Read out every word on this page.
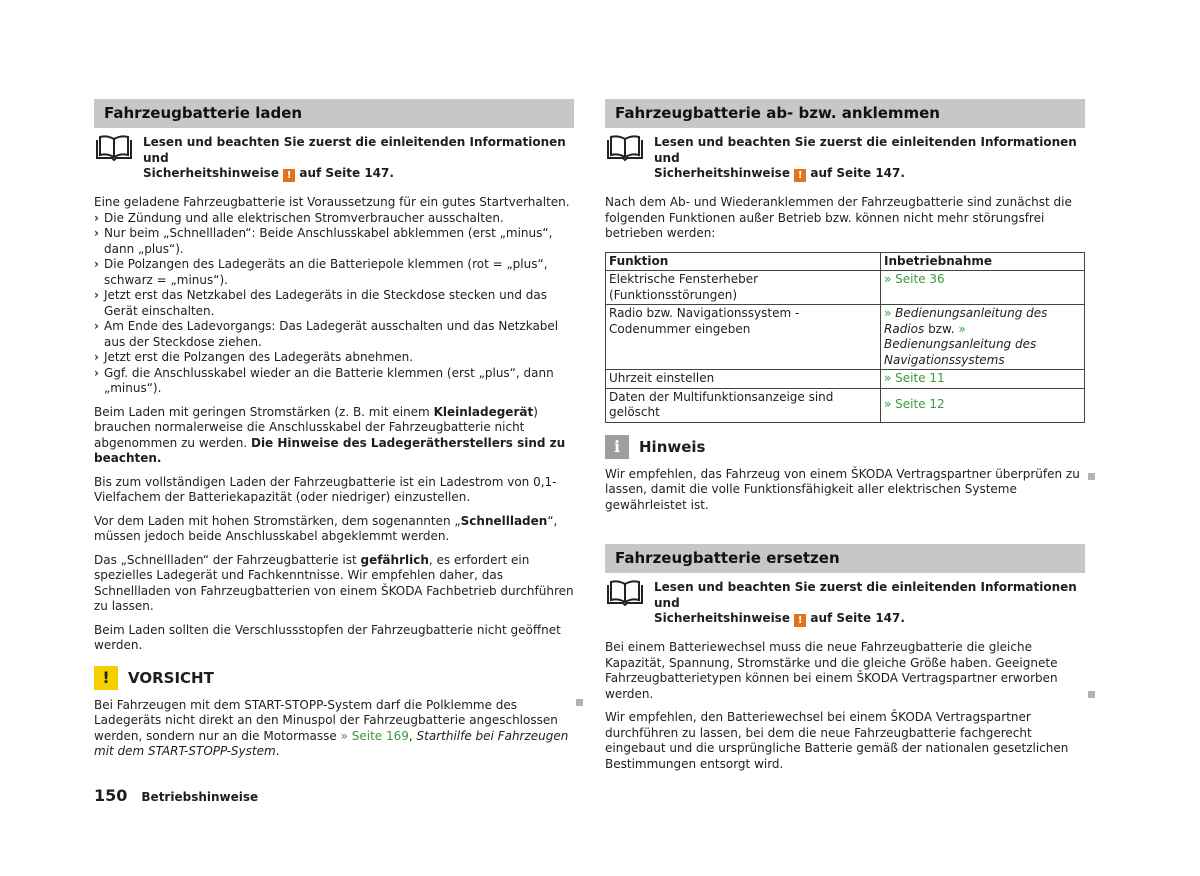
Fahrzeugbatterie laden
Lesen und beachten Sie zuerst die einleitenden Informationen und
Sicherheitshinweise ! auf Seite 147.

Eine geladene Fahrzeugbatterie ist Voraussetzung für ein gutes Startverhalten.

› Die Zündung und alle elektrischen Stromverbraucher ausschalten.
› Nur beim „Schnellladen“: Beide Anschlusskabel abklemmen (erst „minus“, dann „plus“).
› Die Polzangen des Ladegeräts an die Batteriepole klemmen (rot = „plus“, schwarz = „minus“).
› Jetzt erst das Netzkabel des Ladegeräts in die Steckdose stecken und das Gerät einschalten.
› Am Ende des Ladevorgangs: Das Ladegerät ausschalten und das Netzkabel aus der Steckdose ziehen.
› Jetzt erst die Polzangen des Ladegeräts abnehmen.
› Ggf. die Anschlusskabel wieder an die Batterie klemmen (erst „plus“, dann „minus“).

Beim Laden mit geringen Stromstärken (z. B. mit einem Kleinladegerät) brauchen normalerweise die Anschlusskabel der Fahrzeugbatterie nicht abgenommen zu werden. Die Hinweise des Ladegerätherstellers sind zu beachten.

Bis zum vollständigen Laden der Fahrzeugbatterie ist ein Ladestrom von 0,1-Vielfachem der Batteriekapazität (oder niedriger) einzustellen.

Vor dem Laden mit hohen Stromstärken, dem sogenannten „Schnellladen“, müssen jedoch beide Anschlusskabel abgeklemmt werden.

Das „Schnellladen“ der Fahrzeugbatterie ist gefährlich, es erfordert ein spezielles Ladegerät und Fachkenntnisse. Wir empfehlen daher, das Schnellladen von Fahrzeugbatterien von einem ŠKODA Fachbetrieb durchführen zu lassen.

Beim Laden sollten die Verschlussstopfen der Fahrzeugbatterie nicht geöffnet werden.

!	VORSICHT

Bei Fahrzeugen mit dem START-STOPP-System darf die Polklemme des Ladegeräts nicht direkt an den Minuspol der Fahrzeugbatterie angeschlossen werden, sondern nur an die Motormasse » Seite 169, Starthilfe bei Fahrzeugen mit dem START-STOPP-System.

Fahrzeugbatterie ab- bzw. anklemmen
Lesen und beachten Sie zuerst die einleitenden Informationen und
Sicherheitshinweise ! auf Seite 147.

Nach dem Ab- und Wiederanklemmen der Fahrzeugbatterie sind zunächst die folgenden Funktionen außer Betrieb bzw. können nicht mehr störungsfrei betrieben werden:

Funktion	Inbetriebnahme
Elektrische Fensterheber (Funktionsstörungen)	» Seite 36
Radio bzw. Navigationssystem - Codenummer eingeben	» Bedienungsanleitung des Radios bzw. » Bedienungsanleitung des Navigationssystems
Uhrzeit einstellen	» Seite 11
Daten der Multifunktionsanzeige sind gelöscht	» Seite 12
i	Hinweis

Wir empfehlen, das Fahrzeug von einem ŠKODA Vertragspartner überprüfen zu lassen, damit die volle Funktionsfähigkeit aller elektrischen Systeme gewährleistet ist.

Fahrzeugbatterie ersetzen
Lesen und beachten Sie zuerst die einleitenden Informationen und
Sicherheitshinweise ! auf Seite 147.

Bei einem Batteriewechsel muss die neue Fahrzeugbatterie die gleiche Kapazität, Spannung, Stromstärke und die gleiche Größe haben. Geeignete Fahrzeugbatterietypen können bei einem ŠKODA Vertragspartner erworben werden.

Wir empfehlen, den Batteriewechsel bei einem ŠKODA Vertragspartner durchführen zu lassen, bei dem die neue Fahrzeugbatterie fachgerecht eingebaut und die ursprüngliche Batterie gemäß der nationalen gesetzlichen Bestimmungen entsorgt wird.

150 Betriebshinweise
